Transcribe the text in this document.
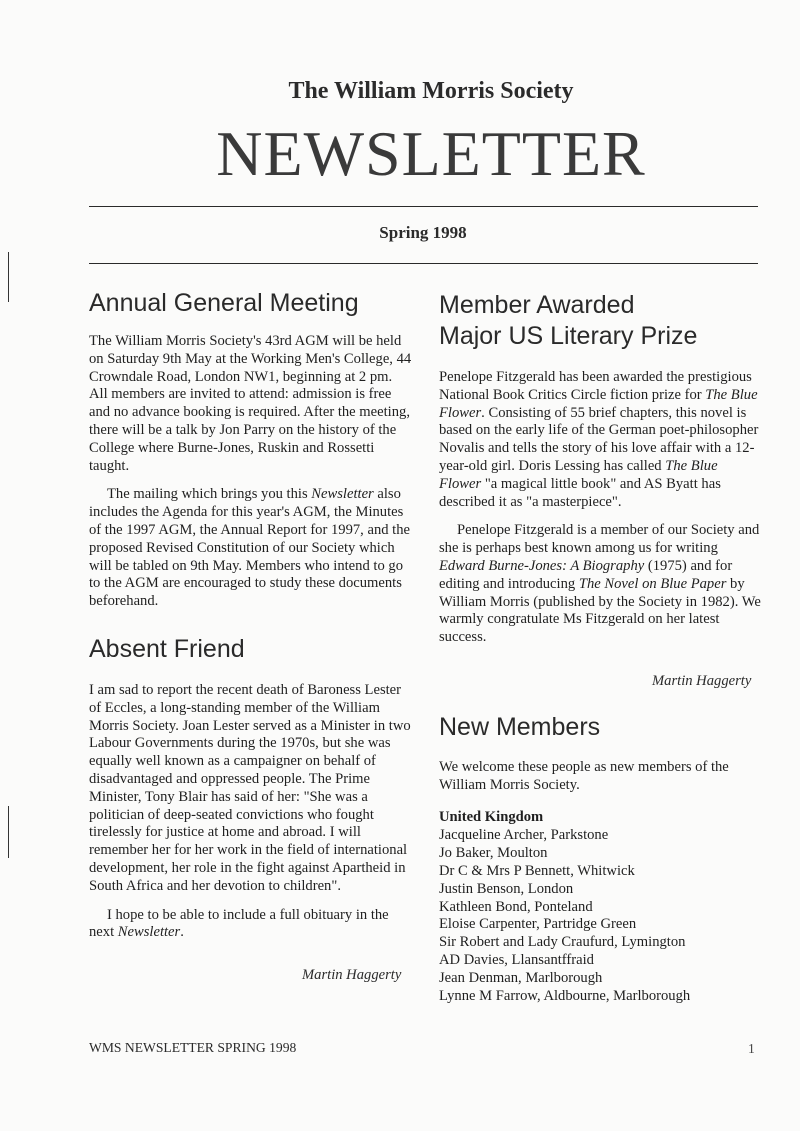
The William Morris Society
NEWSLETTER
Spring 1998
Annual General Meeting

The William Morris Society's 43rd AGM will be held on Saturday 9th May at the Working Men's College, 44 Crowndale Road, London NW1, beginning at 2 pm. All members are invited to attend: admission is free and no advance booking is required. After the meeting, there will be a talk by Jon Parry on the history of the College where Burne-Jones, Ruskin and Rossetti taught.

The mailing which brings you this Newsletter also includes the Agenda for this year's AGM, the Minutes of the 1997 AGM, the Annual Report for 1997, and the proposed Revised Constitution of our Society which will be tabled on 9th May. Members who intend to go to the AGM are encouraged to study these documents beforehand.

Absent Friend

I am sad to report the recent death of Baroness Lester of Eccles, a long-standing member of the William Morris Society. Joan Lester served as a Minister in two Labour Governments during the 1970s, but she was equally well known as a campaigner on behalf of disadvantaged and oppressed people. The Prime Minister, Tony Blair has said of her: "She was a politician of deep-seated convictions who fought tirelessly for justice at home and abroad. I will remember her for her work in the field of international development, her role in the fight against Apartheid in South Africa and her devotion to children".

I hope to be able to include a full obituary in the next Newsletter.

Martin Haggerty
Member Awarded
Major US Literary Prize

Penelope Fitzgerald has been awarded the prestigious National Book Critics Circle fiction prize for The Blue Flower. Consisting of 55 brief chapters, this novel is based on the early life of the German poet-philosopher Novalis and tells the story of his love affair with a 12-year-old girl. Doris Lessing has called The Blue Flower "a magical little book" and AS Byatt has described it as "a masterpiece".

Penelope Fitzgerald is a member of our Society and she is perhaps best known among us for writing Edward Burne-Jones: A Biography (1975) and for editing and introducing The Novel on Blue Paper by William Morris (published by the Society in 1982). We warmly congratulate Ms Fitzgerald on her latest success.

Martin Haggerty
New Members

We welcome these people as new members of the William Morris Society.

United Kingdom
Jacqueline Archer, Parkstone
Jo Baker, Moulton
Dr C & Mrs P Bennett, Whitwick
Justin Benson, London
Kathleen Bond, Ponteland
Eloise Carpenter, Partridge Green
Sir Robert and Lady Craufurd, Lymington
AD Davies, Llansantffraid
Jean Denman, Marlborough
Lynne M Farrow, Aldbourne, Marlborough
WMS NEWSLETTER SPRING 1998	1
